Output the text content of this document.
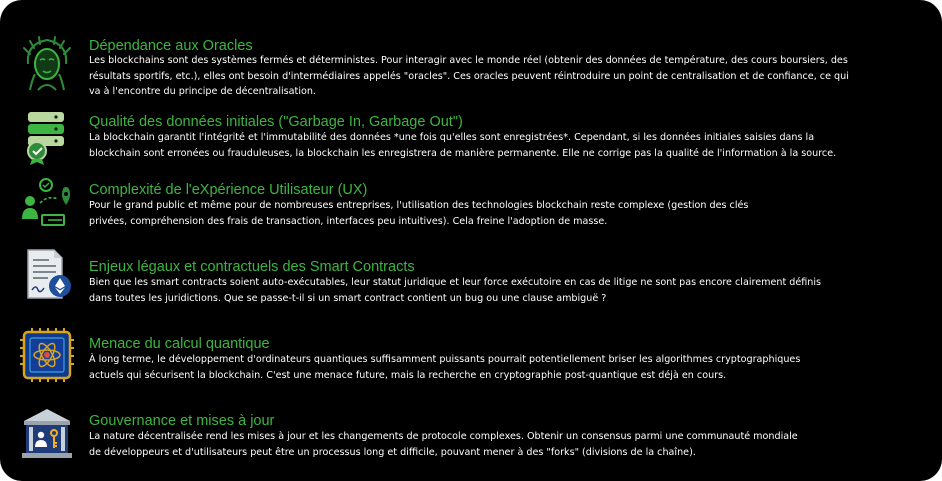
Dépendance aux Oracles
Les blockchains sont des systèmes fermés et déterministes. Pour interagir avec le monde réel (obtenir des données de température, des cours boursiers, des
résultats sportifs, etc.), elles ont besoin d'intermédiaires appelés "oracles". Ces oracles peuvent réintroduire un point de centralisation et de confiance, ce qui
va à l'encontre du principe de décentralisation.
Qualité des données initiales ("Garbage In, Garbage Out")
La blockchain garantit l'intégrité et l'immutabilité des données *une fois qu'elles sont enregistrées*. Cependant, si les données initiales saisies dans la
blockchain sont erronées ou frauduleuses, la blockchain les enregistrera de manière permanente. Elle ne corrige pas la qualité de l'information à la source.
Complexité de l'eXpérience Utilisateur (UX)
Pour le grand public et même pour de nombreuses entreprises, l'utilisation des technologies blockchain reste complexe (gestion des clés
privées, compréhension des frais de transaction, interfaces peu intuitives). Cela freine l'adoption de masse.
Enjeux légaux et contractuels des Smart Contracts
Bien que les smart contracts soient auto-exécutables, leur statut juridique et leur force exécutoire en cas de litige ne sont pas encore clairement définis
dans toutes les juridictions. Que se passe-t-il si un smart contract contient un bug ou une clause ambiguë ?
Menace du calcul quantique
À long terme, le développement d'ordinateurs quantiques suffisamment puissants pourrait potentiellement briser les algorithmes cryptographiques
actuels qui sécurisent la blockchain. C'est une menace future, mais la recherche en cryptographie post-quantique est déjà en cours.
Gouvernance et mises à jour
La nature décentralisée rend les mises à jour et les changements de protocole complexes. Obtenir un consensus parmi une communauté mondiale
de développeurs et d'utilisateurs peut être un processus long et difficile, pouvant mener à des "forks" (divisions de la chaîne).
